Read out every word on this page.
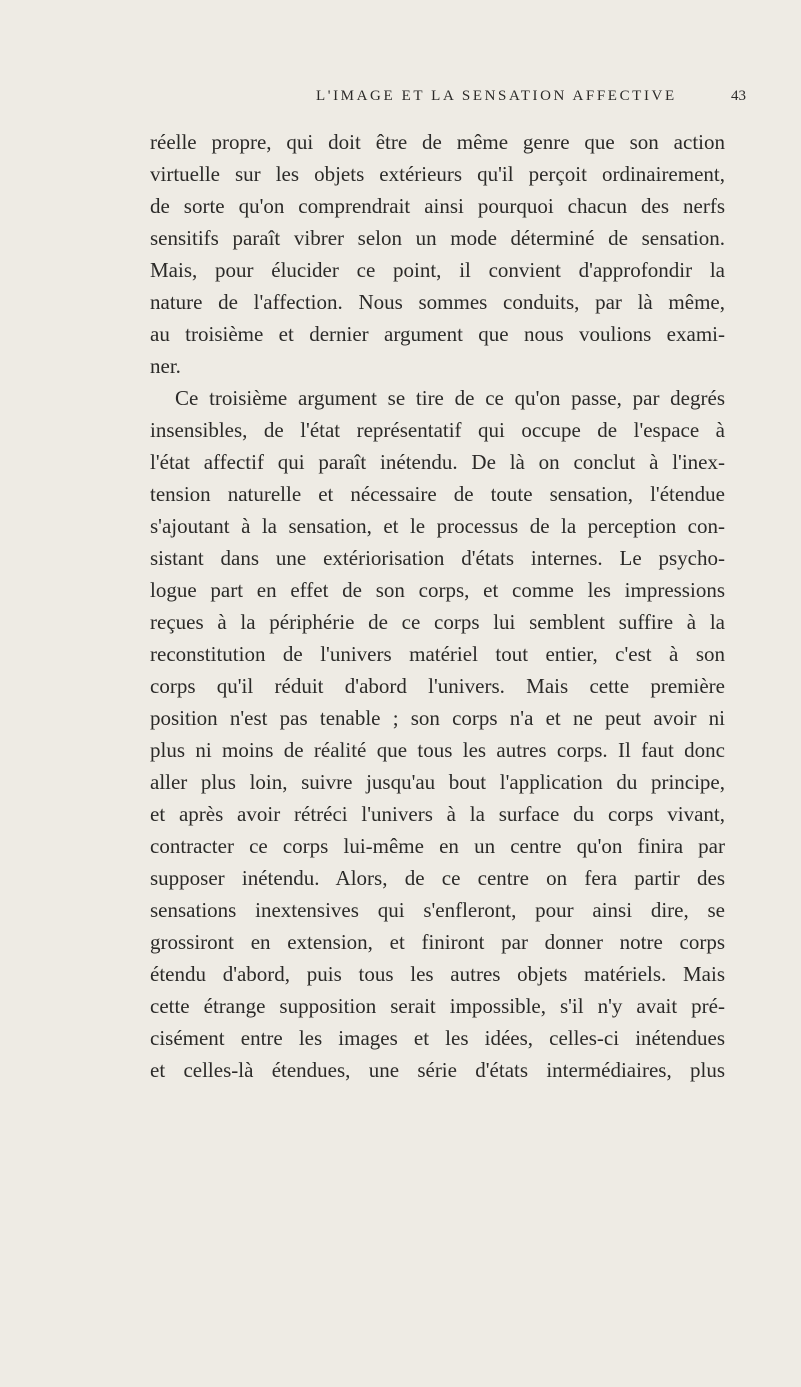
L'IMAGE ET LA SENSATION AFFECTIVE	43
réelle propre, qui doit être de même genre que son action
virtuelle sur les objets extérieurs qu'il perçoit ordinairement,
de sorte qu'on comprendrait ainsi pourquoi chacun des nerfs
sensitifs paraît vibrer selon un mode déterminé de sensation.
Mais, pour élucider ce point, il convient d'approfondir la
nature de l'affection. Nous sommes conduits, par là même,
au troisième et dernier argument que nous voulions exami-
ner.
Ce troisième argument se tire de ce qu'on passe, par degrés
insensibles, de l'état représentatif qui occupe de l'espace à
l'état affectif qui paraît inétendu. De là on conclut à l'inex-
tension naturelle et nécessaire de toute sensation, l'étendue
s'ajoutant à la sensation, et le processus de la perception con-
sistant dans une extériorisation d'états internes. Le psycho-
logue part en effet de son corps, et comme les impressions
reçues à la périphérie de ce corps lui semblent suffire à la
reconstitution de l'univers matériel tout entier, c'est à son
corps qu'il réduit d'abord l'univers. Mais cette première
position n'est pas tenable ; son corps n'a et ne peut avoir ni
plus ni moins de réalité que tous les autres corps. Il faut donc
aller plus loin, suivre jusqu'au bout l'application du principe,
et après avoir rétréci l'univers à la surface du corps vivant,
contracter ce corps lui-même en un centre qu'on finira par
supposer inétendu. Alors, de ce centre on fera partir des
sensations inextensives qui s'enfleront, pour ainsi dire, se
grossiront en extension, et finiront par donner notre corps
étendu d'abord, puis tous les autres objets matériels. Mais
cette étrange supposition serait impossible, s'il n'y avait pré-
cisément entre les images et les idées, celles-ci inétendues
et celles-là étendues, une série d'états intermédiaires, plus
